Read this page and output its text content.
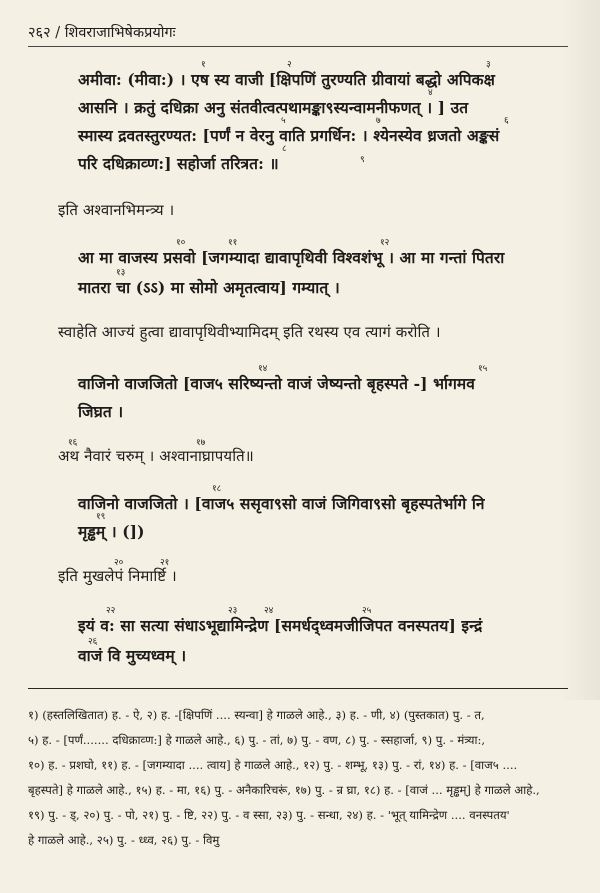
२६२ / शिवराजाभिषेकप्रयोगः
अमीवा: (मीवा:) । एष स्य वाजी [क्षिपणिं तुरण्यति ग्रीवायां बद्धो अपिकक्ष
आसनि । क्रतुं दधिक्रा अनु संतवीत्वत्पथामङ्का९स्यन्वामनीफणत् । ] उत
स्मास्य द्रवतस्तुरण्यत: [पर्णं न वेरनु वाति प्रगर्धिन: । श्येनस्येव ध्रजतो अङ्कसं
परि दधिक्राव्ण:] सहोर्जा तरित्रत: ॥
इति अश्वानभिमन्त्र्य ।
आ मा वाजस्य प्रसवो [जगम्यादा द्यावापृथिवी विश्वशंभू । आ मा गन्तां पितरा
मातरा चा (ऽऽ) मा सोमो अमृतत्वाय] गम्यात् ।
स्वाहेति आज्यं हुत्वा द्यावापृथिवीभ्यामिदम् इति रथस्य एव त्यागं करोति ।
वाजिनो वाजजितो [वाज५ सरिष्यन्तो वाजं जेष्यन्तो बृहस्पते -] र्भागमव
जिघ्रत ।
अथ नैवारं चरुम् । अश्वानाघ्रापयति॥
वाजिनो वाजजितो । [वाज५ ससृवा९सो वाजं जिगिवा९सो बृहस्पतेर्भागे नि
मृड्ढम् । (])
इति मुखलेपं निमार्ष्टि ।
इयं व: सा सत्या संधाऽभूद्यामिन्द्रेण [समर्धद्ध्वमजीजिपत वनस्पतय] इन्द्रं
वाजं वि मुच्यध्वम् ।
१	२	३
४
५	६
७
८
९
१०	११	१२
१३
१४	१५
१६	१७
१८
१९
२०	२१
२२	२३	२४	२५
२६
१) (हस्तलिखितात) ह. - ऐ, २) ह. -[क्षिपणिं .... स्यन्वा] हे गाळले आहे., ३) ह. - णी, ४) (पुस्तकात) पु. - त,
५) ह. - [पर्णं....... दधिक्राव्ण:] हे गाळले आहे., ६) पु. - तां, ७) पु. - वण, ८) पु. - स्सहार्जा, ९) पु. - मंत्र्या:,
१०) ह. - प्रशघो, ११) ह. - [जगम्यादा .... त्वाय] हे गाळले आहे., १२) पु. - शम्भू, १३) पु. - रां, १४) ह. - [वाज५ ....
बृहस्पते] हे गाळले आहे., १५) ह. - मा, १६) पु. - अनैकारिचरूं, १७) पु. - न्र घ्रा, १८) ह. - [वाजं ... मृड्ढम्] हे गाळले आहे.,
१९) पु. - ड्, २०) पु. - पो, २१) पु. - ष्टि, २२) पु. - व स्सा, २३) पु. - सन्धा, २४) ह. - 'भूत् यामिन्द्रेण .... वनस्पतय'
हे गाळले आहे., २५) पु. - ध्ध्व, २६) पु. - विमु
